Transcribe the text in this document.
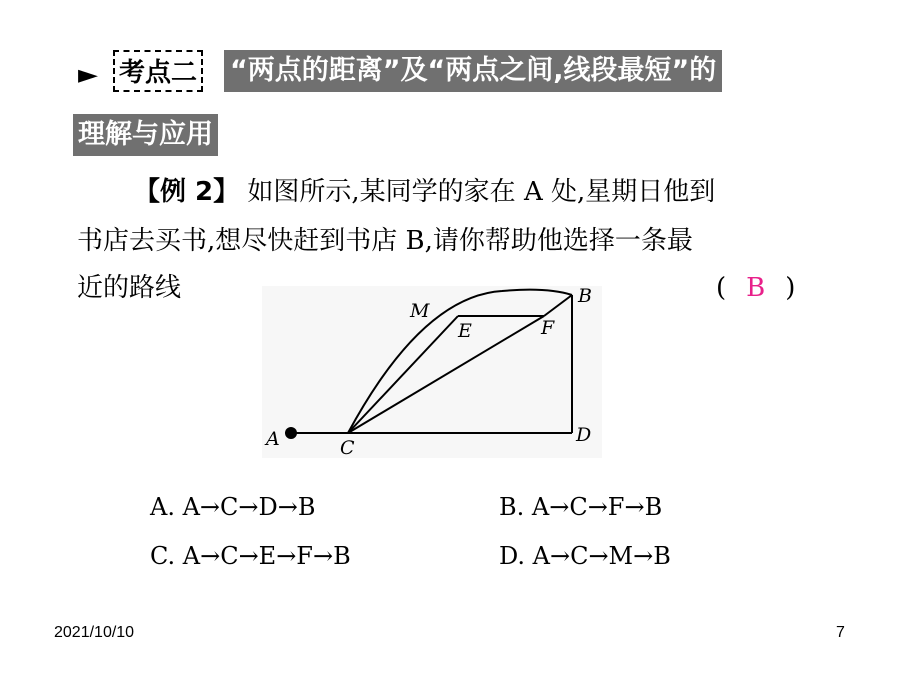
► 考点二 “两点的距离”及“两点之间,线段最短”的
理解与应用
【例 2】 如图所示,某同学的家在 A 处,星期日他到
书店去买书,想尽快赶到书店 B,请你帮助他选择一条最
近的路线	( B )
A
B
C
D
E	F
M
A. A→C→D→B	B. A→C→F→B
C. A→C→E→F→B	D. A→C→M→B
2021/10/10	7
